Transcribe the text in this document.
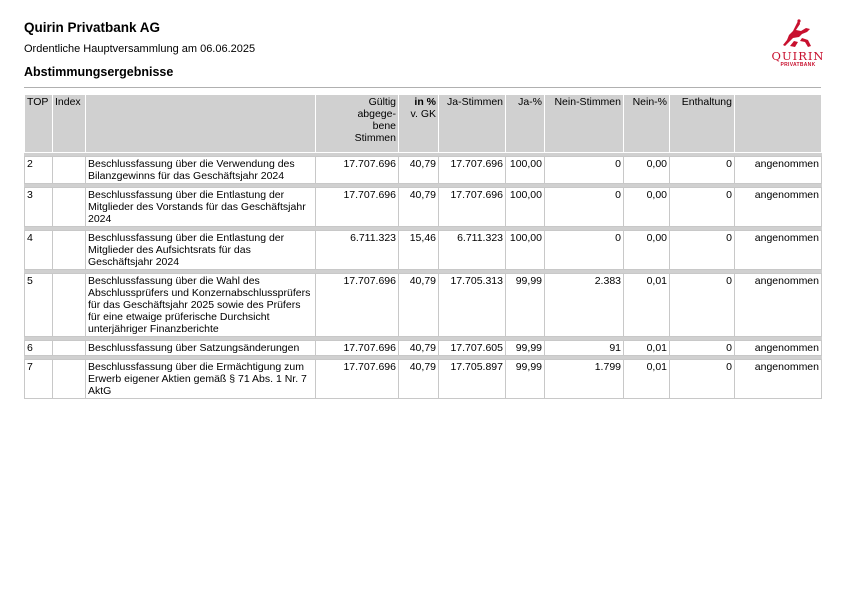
Quirin Privatbank AG
Ordentliche Hauptversammlung am 06.06.2025
Abstimmungsergebnisse
QUIRIN
PRIVATBANK
TOP	Index		Gültig
abgege-
bene
Stimmen	in %
v. GK	Ja-Stimmen	Ja-%	Nein-Stimmen	Nein-%	Enthaltung	

2		Beschlussfassung über die Verwendung des Bilanzgewinns für das Geschäftsjahr 2024	17.707.696	40,79	17.707.696	100,00	0	0,00	0	angenommen

3		Beschlussfassung über die Entlastung der Mitglieder des Vorstands für das Geschäftsjahr 2024	17.707.696	40,79	17.707.696	100,00	0	0,00	0	angenommen

4		Beschlussfassung über die Entlastung der Mitglieder des Aufsichtsrats für das Geschäftsjahr 2024	6.711.323	15,46	6.711.323	100,00	0	0,00	0	angenommen

5		Beschlussfassung über die Wahl des Abschlussprüfers und Konzernabschlussprüfers für das Geschäftsjahr 2025 sowie des Prüfers für eine etwaige prüferische Durchsicht unterjähriger Finanzberichte	17.707.696	40,79	17.705.313	99,99	2.383	0,01	0	angenommen

6		Beschlussfassung über Satzungsänderungen	17.707.696	40,79	17.707.605	99,99	91	0,01	0	angenommen

7		Beschlussfassung über die Ermächtigung zum Erwerb eigener Aktien gemäß § 71 Abs. 1 Nr. 7 AktG	17.707.696	40,79	17.705.897	99,99	1.799	0,01	0	angenommen
